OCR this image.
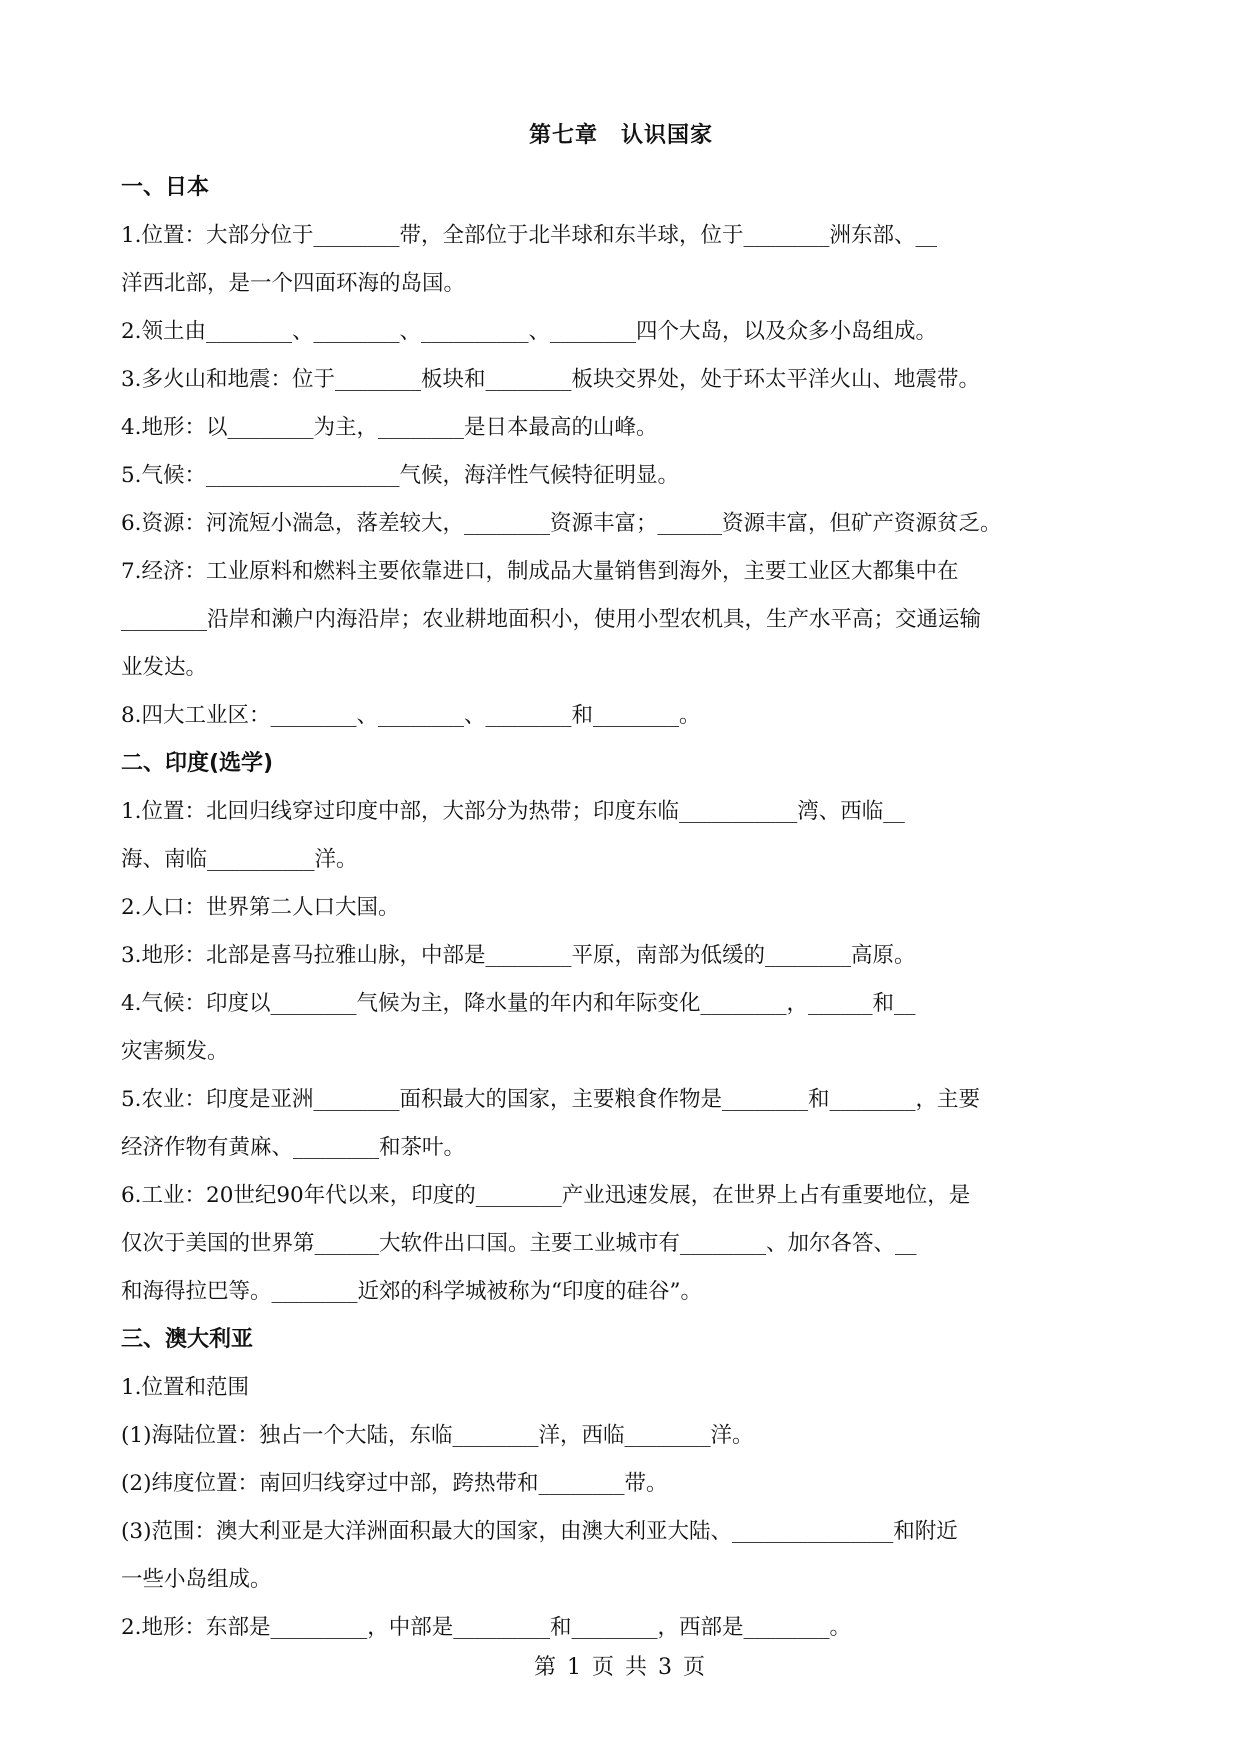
第七章　认识国家
一、日本
1.位置：大部分位于________带，全部位于北半球和东半球，位于________洲东部、__
洋西北部，是一个四面环海的岛国。
2.领土由________、________、__________、________四个大岛，以及众多小岛组成。
3.多火山和地震：位于________板块和________板块交界处，处于环太平洋火山、地震带。
4.地形：以________为主，________是日本最高的山峰。
5.气候：__________________气候，海洋性气候特征明显。
6.资源：河流短小湍急，落差较大，________资源丰富；______资源丰富，但矿产资源贫乏。
7.经济：工业原料和燃料主要依靠进口，制成品大量销售到海外，主要工业区大都集中在
________沿岸和濑户内海沿岸；农业耕地面积小，使用小型农机具，生产水平高；交通运输
业发达。
8.四大工业区：________、________、________和________。
二、印度(选学)
1.位置：北回归线穿过印度中部，大部分为热带；印度东临___________湾、西临__
海、南临__________洋。
2.人口：世界第二人口大国。
3.地形：北部是喜马拉雅山脉，中部是________平原，南部为低缓的________高原。
4.气候：印度以________气候为主，降水量的年内和年际变化________，______和__
灾害频发。
5.农业：印度是亚洲________面积最大的国家，主要粮食作物是________和________，主要
经济作物有黄麻、________和茶叶。
6.工业：20世纪90年代以来，印度的________产业迅速发展，在世界上占有重要地位，是
仅次于美国的世界第______大软件出口国。主要工业城市有________、加尔各答、__
和海得拉巴等。________近郊的科学城被称为“印度的硅谷”。
三、澳大利亚
1.位置和范围
(1)海陆位置：独占一个大陆，东临________洋，西临________洋。
(2)纬度位置：南回归线穿过中部，跨热带和________带。
(3)范围：澳大利亚是大洋洲面积最大的国家，由澳大利亚大陆、_______________和附近
一些小岛组成。
2.地形：东部是_________，中部是_________和________，西部是________。
第 1 页 共 3 页
